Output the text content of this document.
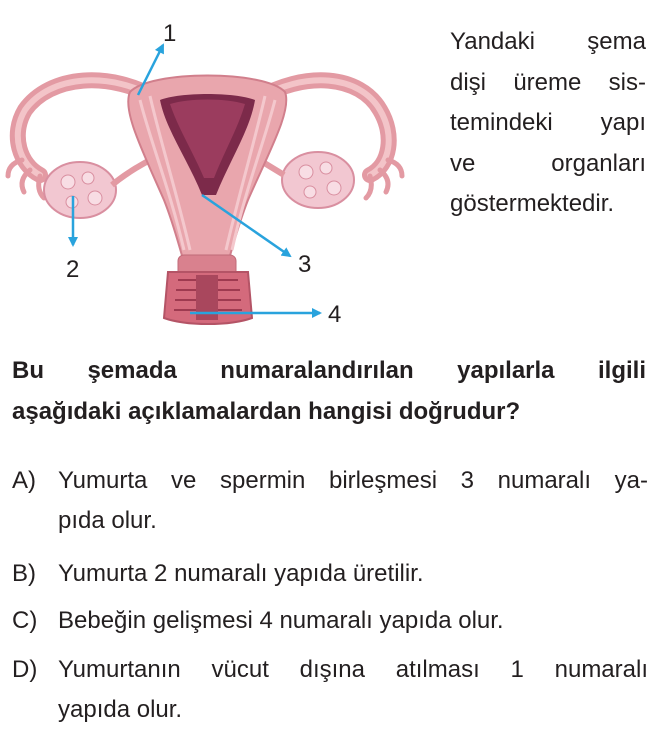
1
2	3
4
Yandaki şema
dişi üreme sis-
temindeki yapı
ve organları
göstermektedir.
Bu şemada numaralandırılan yapılarla ilgili
aşağıdaki açıklamalardan hangisi doğrudur?
A) Yumurta ve spermin birleşmesi 3 numaralı ya-
pıda olur.
B) Yumurta 2 numaralı yapıda üretilir.
C) Bebeğin gelişmesi 4 numaralı yapıda olur.
D) Yumurtanın vücut dışına atılması 1 numaralı
yapıda olur.
